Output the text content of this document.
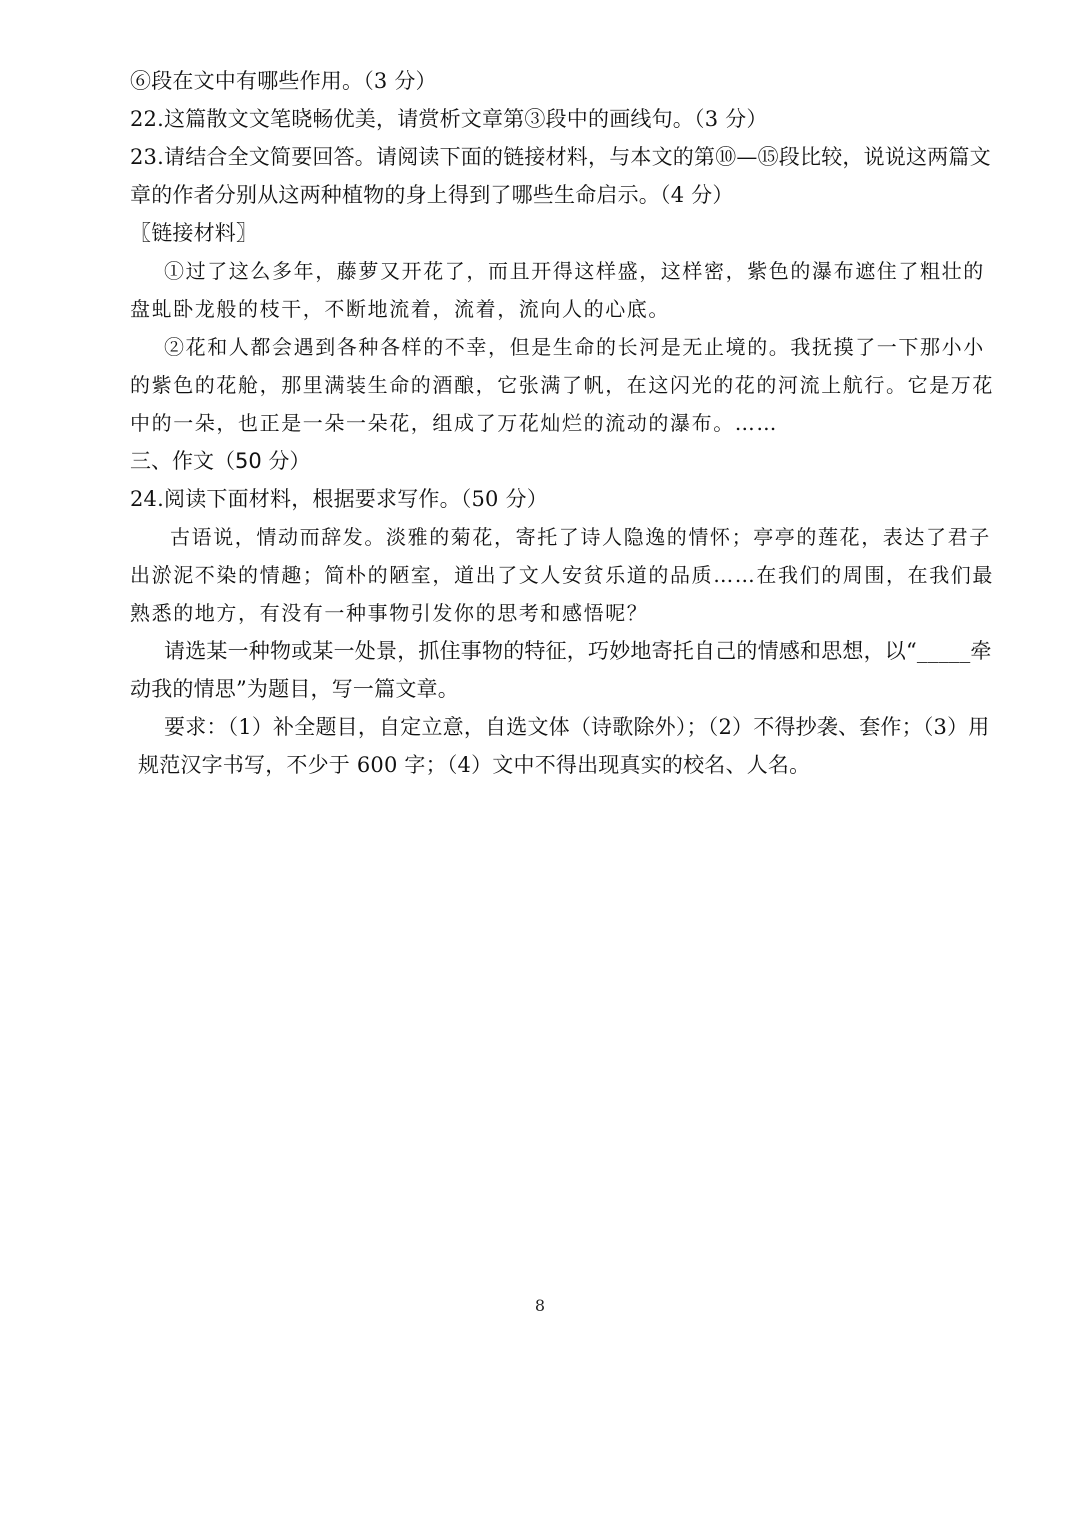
⑥段在文中有哪些作用。（3 分）
22.这篇散文文笔晓畅优美，请赏析文章第③段中的画线句。（3 分）
23.请结合全文简要回答。请阅读下面的链接材料，与本文的第⑩—⑮段比较，说说这两篇文
章的作者分别从这两种植物的身上得到了哪些生命启示。（4 分）
〖链接材料〗
①过了这么多年，藤萝又开花了，而且开得这样盛，这样密，紫色的瀑布遮住了粗壮的
盘虬卧龙般的枝干，不断地流着，流着，流向人的心底。
②花和人都会遇到各种各样的不幸，但是生命的长河是无止境的。我抚摸了一下那小小
的紫色的花舱，那里满装生命的酒酿，它张满了帆，在这闪光的花的河流上航行。它是万花
中的一朵，也正是一朵一朵花，组成了万花灿烂的流动的瀑布。……
三、作文（50 分）
24.阅读下面材料，根据要求写作。（50 分）
古语说，情动而辞发。淡雅的菊花，寄托了诗人隐逸的情怀；亭亭的莲花，表达了君子
出淤泥不染的情趣；简朴的陋室，道出了文人安贫乐道的品质……在我们的周围，在我们最
熟悉的地方，有没有一种事物引发你的思考和感悟呢？
请选某一种物或某一处景，抓住事物的特征，巧妙地寄托自己的情感和思想，以“_____牵
动我的情思”为题目，写一篇文章。
要求：（1）补全题目，自定立意，自选文体（诗歌除外）；（2）不得抄袭、套作；（3）用
规范汉字书写，不少于 600 字；（4）文中不得出现真实的校名、人名。
8
